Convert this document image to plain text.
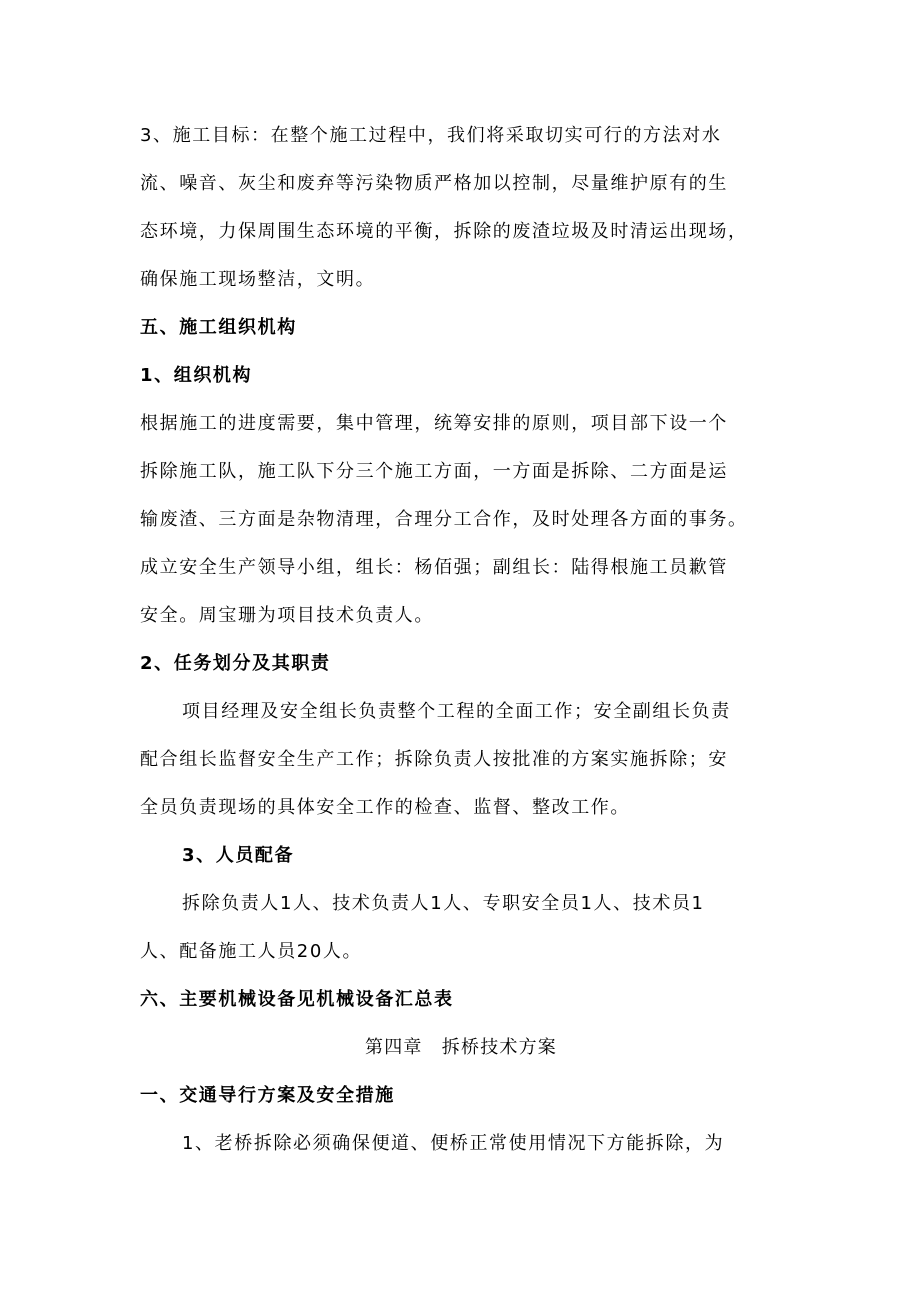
3、施工目标：在整个施工过程中，我们将采取切实可行的方法对水
流、噪音、灰尘和废弃等污染物质严格加以控制，尽量维护原有的生
态环境，力保周围生态环境的平衡，拆除的废渣垃圾及时清运出现场，
确保施工现场整洁，文明。
五、施工组织机构
1、组织机构
根据施工的进度需要，集中管理，统筹安排的原则，项目部下设一个
拆除施工队，施工队下分三个施工方面，一方面是拆除、二方面是运
输废渣、三方面是杂物清理，合理分工合作，及时处理各方面的事务。
成立安全生产领导小组，组长：杨佰强；副组长：陆得根施工员歉管
安全。周宝珊为项目技术负责人。
2、任务划分及其职责
项目经理及安全组长负责整个工程的全面工作；安全副组长负责
配合组长监督安全生产工作；拆除负责人按批准的方案实施拆除；安
全员负责现场的具体安全工作的检查、监督、整改工作。
3、人员配备
拆除负责人1人、技术负责人1人、专职安全员1人、技术员1
人、配备施工人员20人。
六、主要机械设备见机械设备汇总表
第四章　拆桥技术方案
一、交通导行方案及安全措施
1、老桥拆除必须确保便道、便桥正常使用情况下方能拆除，为
